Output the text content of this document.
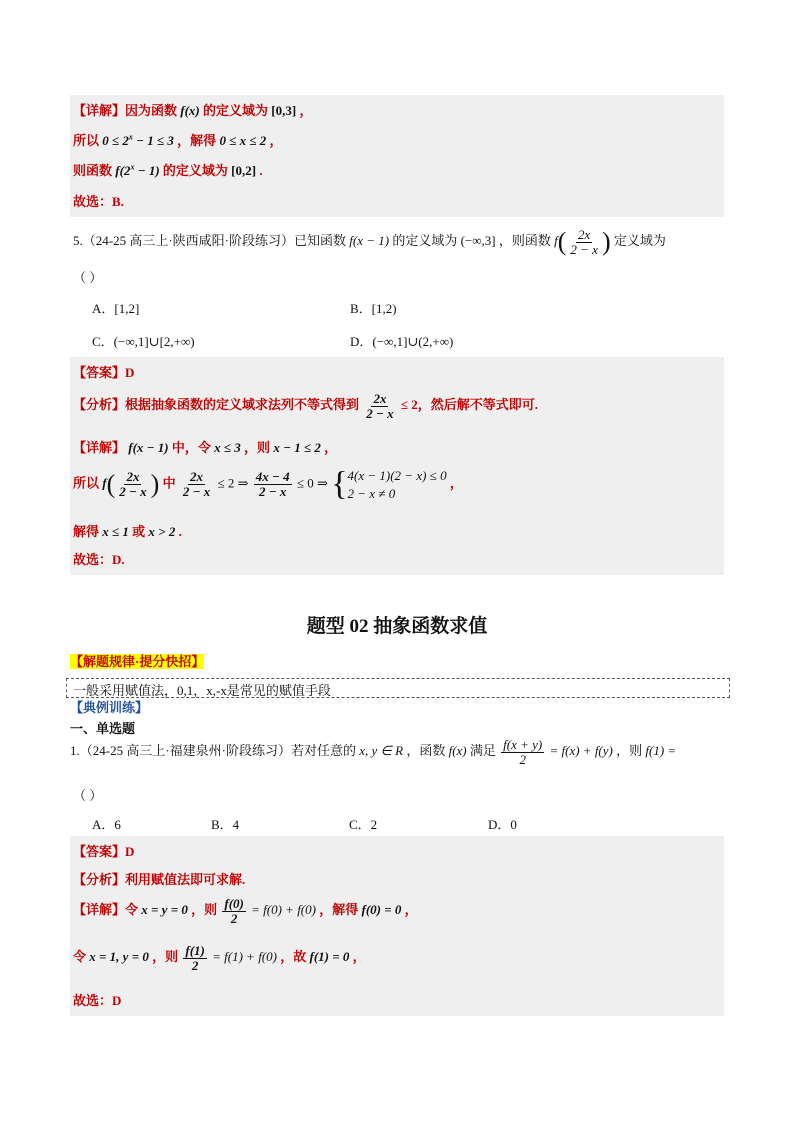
【详解】因为函数 f(x) 的定义域为 [0,3] ，
所以 $0 \le 2^x - 1 \le 3$ ，解得 0 ≤ x ≤ 2 ，
则函数 $f(2^x - 1)$ 的定义域为 [0,2] .
故选：B.
5.（24-25 高三上·陕西咸阳·阶段练习）已知函数 f(x − 1) 的定义域为 (−∞,3] ，则函数 $f( \frac{2x}{2 - x}$ ) 定义域为
（ ）
A．[1,2]	B．[1,2)
C．(−∞,1]∪[2,+∞)	D．(−∞,1]∪(2,+∞)
【答案】D
【分析】根据抽象函数的定义域求法列不等式得到 $\frac{2x}{2 - x} \le 2$，然后解不等式即可.
【详解】 f(x − 1) 中，令 x ≤ 3 ，则 x − 1 ≤ 2 ，
所以 $f( \frac{2x}{2 - x}$ ) 中 $\frac{2x}{2 - x} \le 2$ ⇒ $\frac{4x - 4}{2 - x} \le 0$ ⇒ { 4(x − 1)(2 − x) ≤ 0
2 − x ≠ 0
，
解得 x ≤ 1 或 x > 2 .
故选：D.
题型 02 抽象函数求值
【解题规律·提分快招】
一般采用赋值法，0,1，x,-x是常见的赋值手段
【典例训练】
一、单选题
1.（24-25 高三上·福建泉州·阶段练习）若对任意的 x, y ∈ R ，函数 f(x) 满足 $\frac{f(x + y)}{2} = f(x) + f(y)$ ，则 f(1) =
（ ）
A．6	B．4	C．2	D．0
【答案】D
【分析】利用赋值法即可求解.
【详解】令 x = y = 0 ，则 $\frac{f(0)}{2} = f(0) + f(0)$ ，解得 f(0) = 0 ，
令 x = 1, y = 0 ，则 $\frac{f(1)}{2} = f(1) + f(0)$ ，故 f(1) = 0 ，
故选：D
